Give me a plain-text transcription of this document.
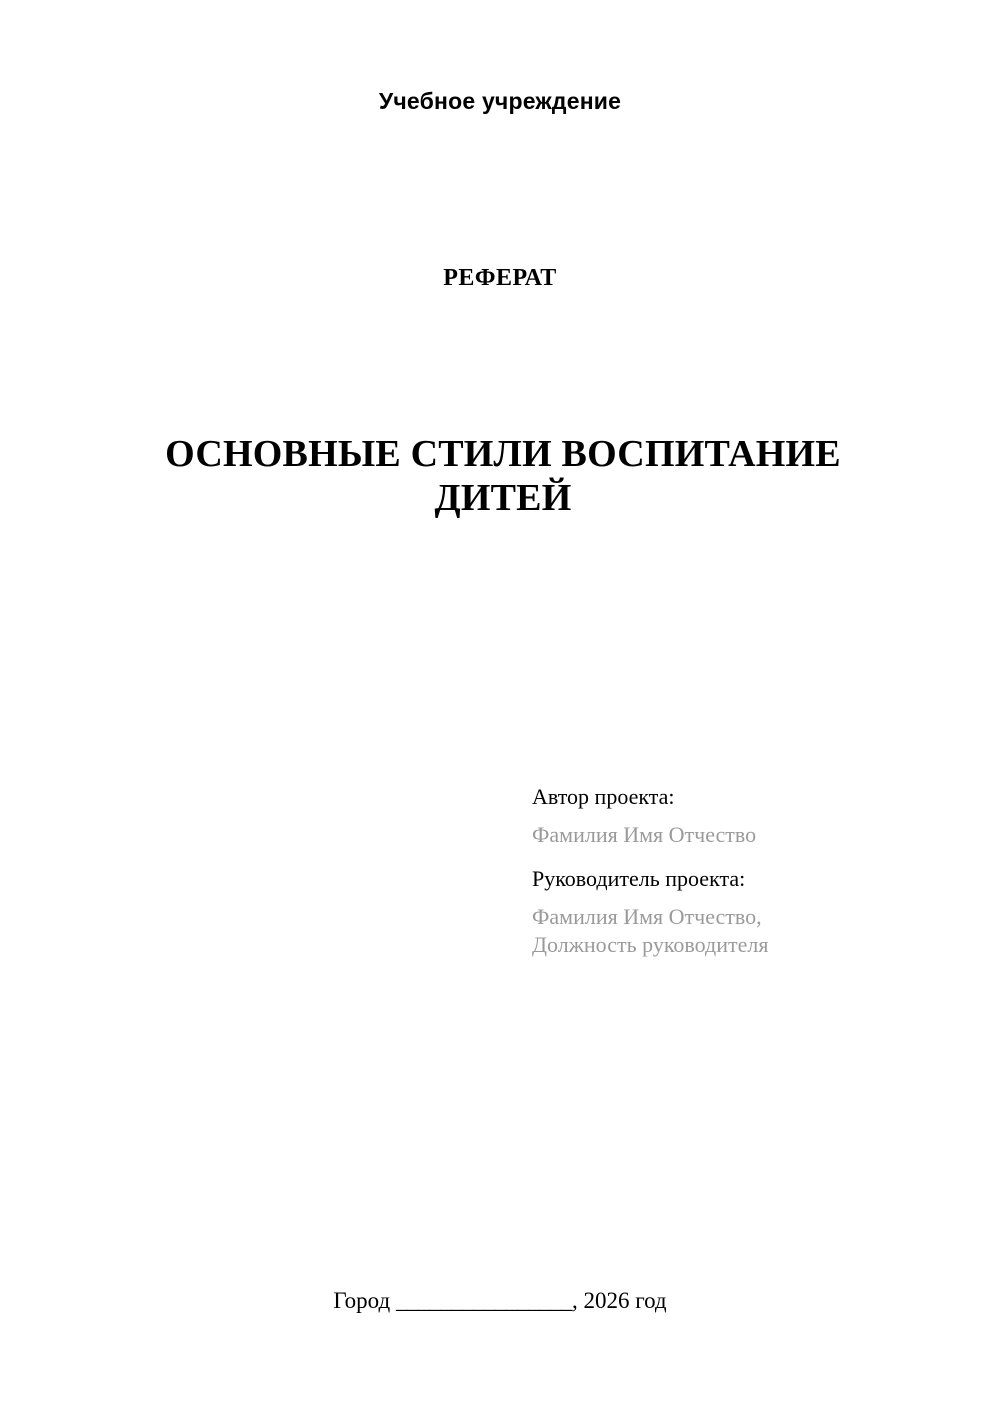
Учебное учреждение
РЕФЕРАТ
ОСНОВНЫЕ СТИЛИ ВОСПИТАНИЕ ДИТЕЙ
Автор проекта:
Фамилия Имя Отчество
Руководитель проекта:
Фамилия Имя Отчество,
Должность руководителя
Город ________________, 2026 год
